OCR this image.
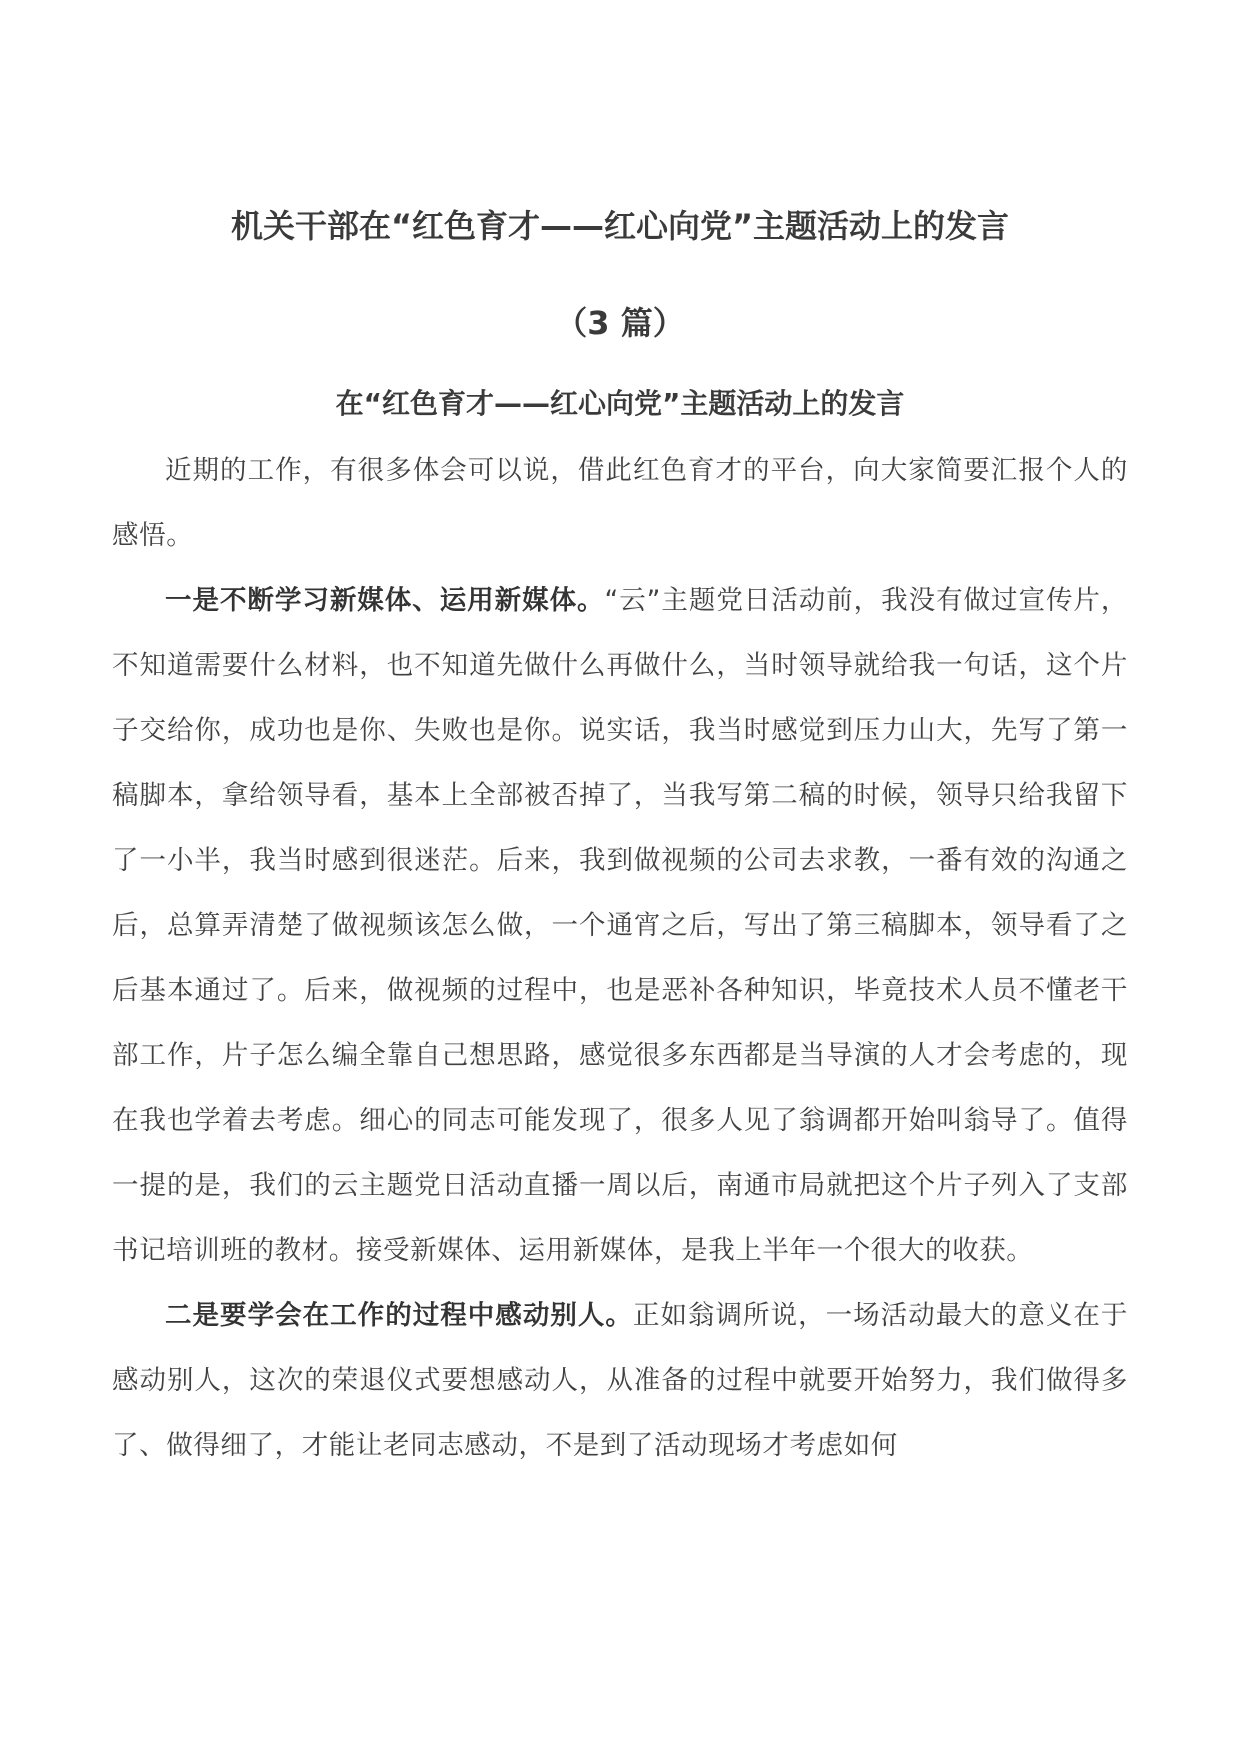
机关干部在“红色育才——红心向党”主题活动上的发言
（3 篇）
在“红色育才——红心向党”主题活动上的发言

近期的工作，有很多体会可以说，借此红色育才的平台，向大家简要汇报个人的感悟。

一是不断学习新媒体、运用新媒体。“云”主题党日活动前，我没有做过宣传片，不知道需要什么材料，也不知道先做什么再做什么，当时领导就给我一句话，这个片子交给你，成功也是你、失败也是你。说实话，我当时感觉到压力山大，先写了第一稿脚本，拿给领导看，基本上全部被否掉了，当我写第二稿的时候，领导只给我留下了一小半，我当时感到很迷茫。后来，我到做视频的公司去求教，一番有效的沟通之后，总算弄清楚了做视频该怎么做，一个通宵之后，写出了第三稿脚本，领导看了之后基本通过了。后来，做视频的过程中，也是恶补各种知识，毕竟技术人员不懂老干部工作，片子怎么编全靠自己想思路，感觉很多东西都是当导演的人才会考虑的，现在我也学着去考虑。细心的同志可能发现了，很多人见了翁调都开始叫翁导了。值得一提的是，我们的云主题党日活动直播一周以后，南通市局就把这个片子列入了支部书记培训班的教材。接受新媒体、运用新媒体，是我上半年一个很大的收获。

二是要学会在工作的过程中感动别人。正如翁调所说，一场活动最大的意义在于感动别人，这次的荣退仪式要想感动人，从准备的过程中就要开始努力，我们做得多了、做得细了，才能让老同志感动，不是到了活动现场才考虑如何
